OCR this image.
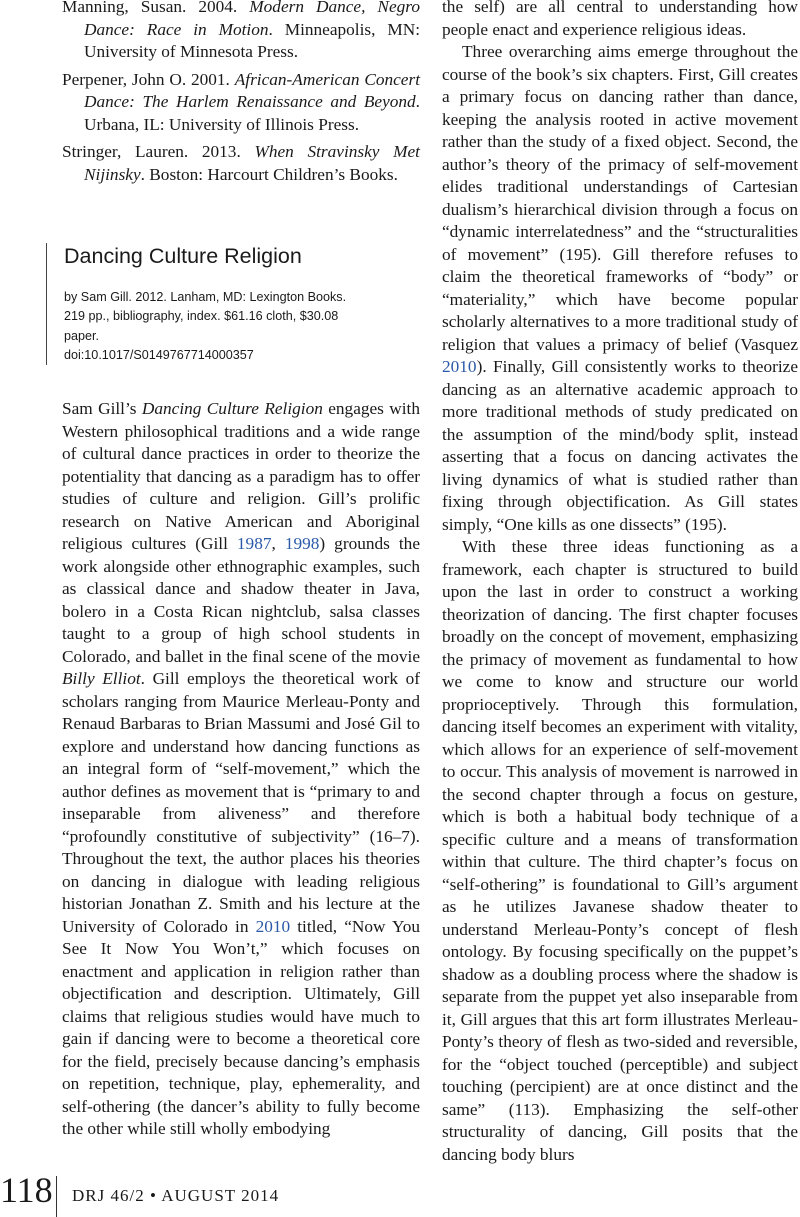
Manning, Susan. 2004. Modern Dance, Negro Dance: Race in Motion. Minneapolis, MN: University of Minnesota Press.

Perpener, John O. 2001. African-American Concert Dance: The Harlem Renaissance and Beyond. Urbana, IL: University of Illinois Press.

Stringer, Lauren. 2013. When Stravinsky Met Nijinsky. Boston: Harcourt Children’s Books.

Dancing Culture Religion
by Sam Gill. 2012. Lanham, MD: Lexington Books.
219 pp., bibliography, index. $61.16 cloth, $30.08
paper.
doi:10.1017/S0149767714000357

Sam Gill’s Dancing Culture Religion engages with Western philosophical traditions and a wide range of cultural dance practices in order to theorize the potentiality that dancing as a paradigm has to offer studies of culture and religion. Gill’s prolific research on Native American and Aboriginal religious cultures (Gill 1987, 1998) grounds the work alongside other ethnographic examples, such as classical dance and shadow theater in Java, bolero in a Costa Rican nightclub, salsa classes taught to a group of high school students in Colorado, and ballet in the final scene of the movie Billy Elliot. Gill employs the theoretical work of scholars ranging from Maurice Merleau-Ponty and Renaud Barbaras to Brian Massumi and José Gil to explore and understand how dancing functions as an integral form of “self-movement,” which the author defines as movement that is “primary to and inseparable from aliveness” and therefore “profoundly constitutive of subjectivity” (16–7). Throughout the text, the author places his theories on dancing in dialogue with leading religious historian Jonathan Z. Smith and his lecture at the University of Colorado in 2010 titled, “Now You See It Now You Won’t,” which focuses on enactment and application in religion rather than objectification and description. Ultimately, Gill claims that religious studies would have much to gain if dancing were to become a theoretical core for the field, precisely because dancing’s emphasis on repetition, technique, play, ephemerality, and self-othering (the dancer’s ability to fully become the other while still wholly embodying

the self) are all central to understanding how people enact and experience religious ideas.

Three overarching aims emerge throughout the course of the book’s six chapters. First, Gill creates a primary focus on dancing rather than dance, keeping the analysis rooted in active movement rather than the study of a fixed object. Second, the author’s theory of the primacy of self-movement elides traditional understandings of Cartesian dualism’s hierarchical division through a focus on “dynamic interrelatedness” and the “structuralities of movement” (195). Gill therefore refuses to claim the theoretical frameworks of “body” or “materiality,” which have become popular scholarly alternatives to a more traditional study of religion that values a primacy of belief (Vasquez 2010). Finally, Gill consistently works to theorize dancing as an alternative academic approach to more traditional methods of study predicated on the assumption of the mind/body split, instead asserting that a focus on dancing activates the living dynamics of what is studied rather than fixing through objectification. As Gill states simply, “One kills as one dissects” (195).

With these three ideas functioning as a framework, each chapter is structured to build upon the last in order to construct a working theorization of dancing. The first chapter focuses broadly on the concept of movement, emphasizing the primacy of movement as fundamental to how we come to know and structure our world proprioceptively. Through this formulation, dancing itself becomes an experiment with vitality, which allows for an experience of self-movement to occur. This analysis of movement is narrowed in the second chapter through a focus on gesture, which is both a habitual body technique of a specific culture and a means of transformation within that culture. The third chapter’s focus on “self-othering” is foundational to Gill’s argument as he utilizes Javanese shadow theater to understand Merleau-Ponty’s concept of flesh ontology. By focusing specifically on the puppet’s shadow as a doubling process where the shadow is separate from the puppet yet also inseparable from it, Gill argues that this art form illustrates Merleau-Ponty’s theory of flesh as two-sided and reversible, for the “object touched (perceptible) and subject touching (percipient) are at once distinct and the same” (113). Emphasizing the self-other structurality of dancing, Gill posits that the dancing body blurs

118 DRJ 46/2 • AUGUST 2014
